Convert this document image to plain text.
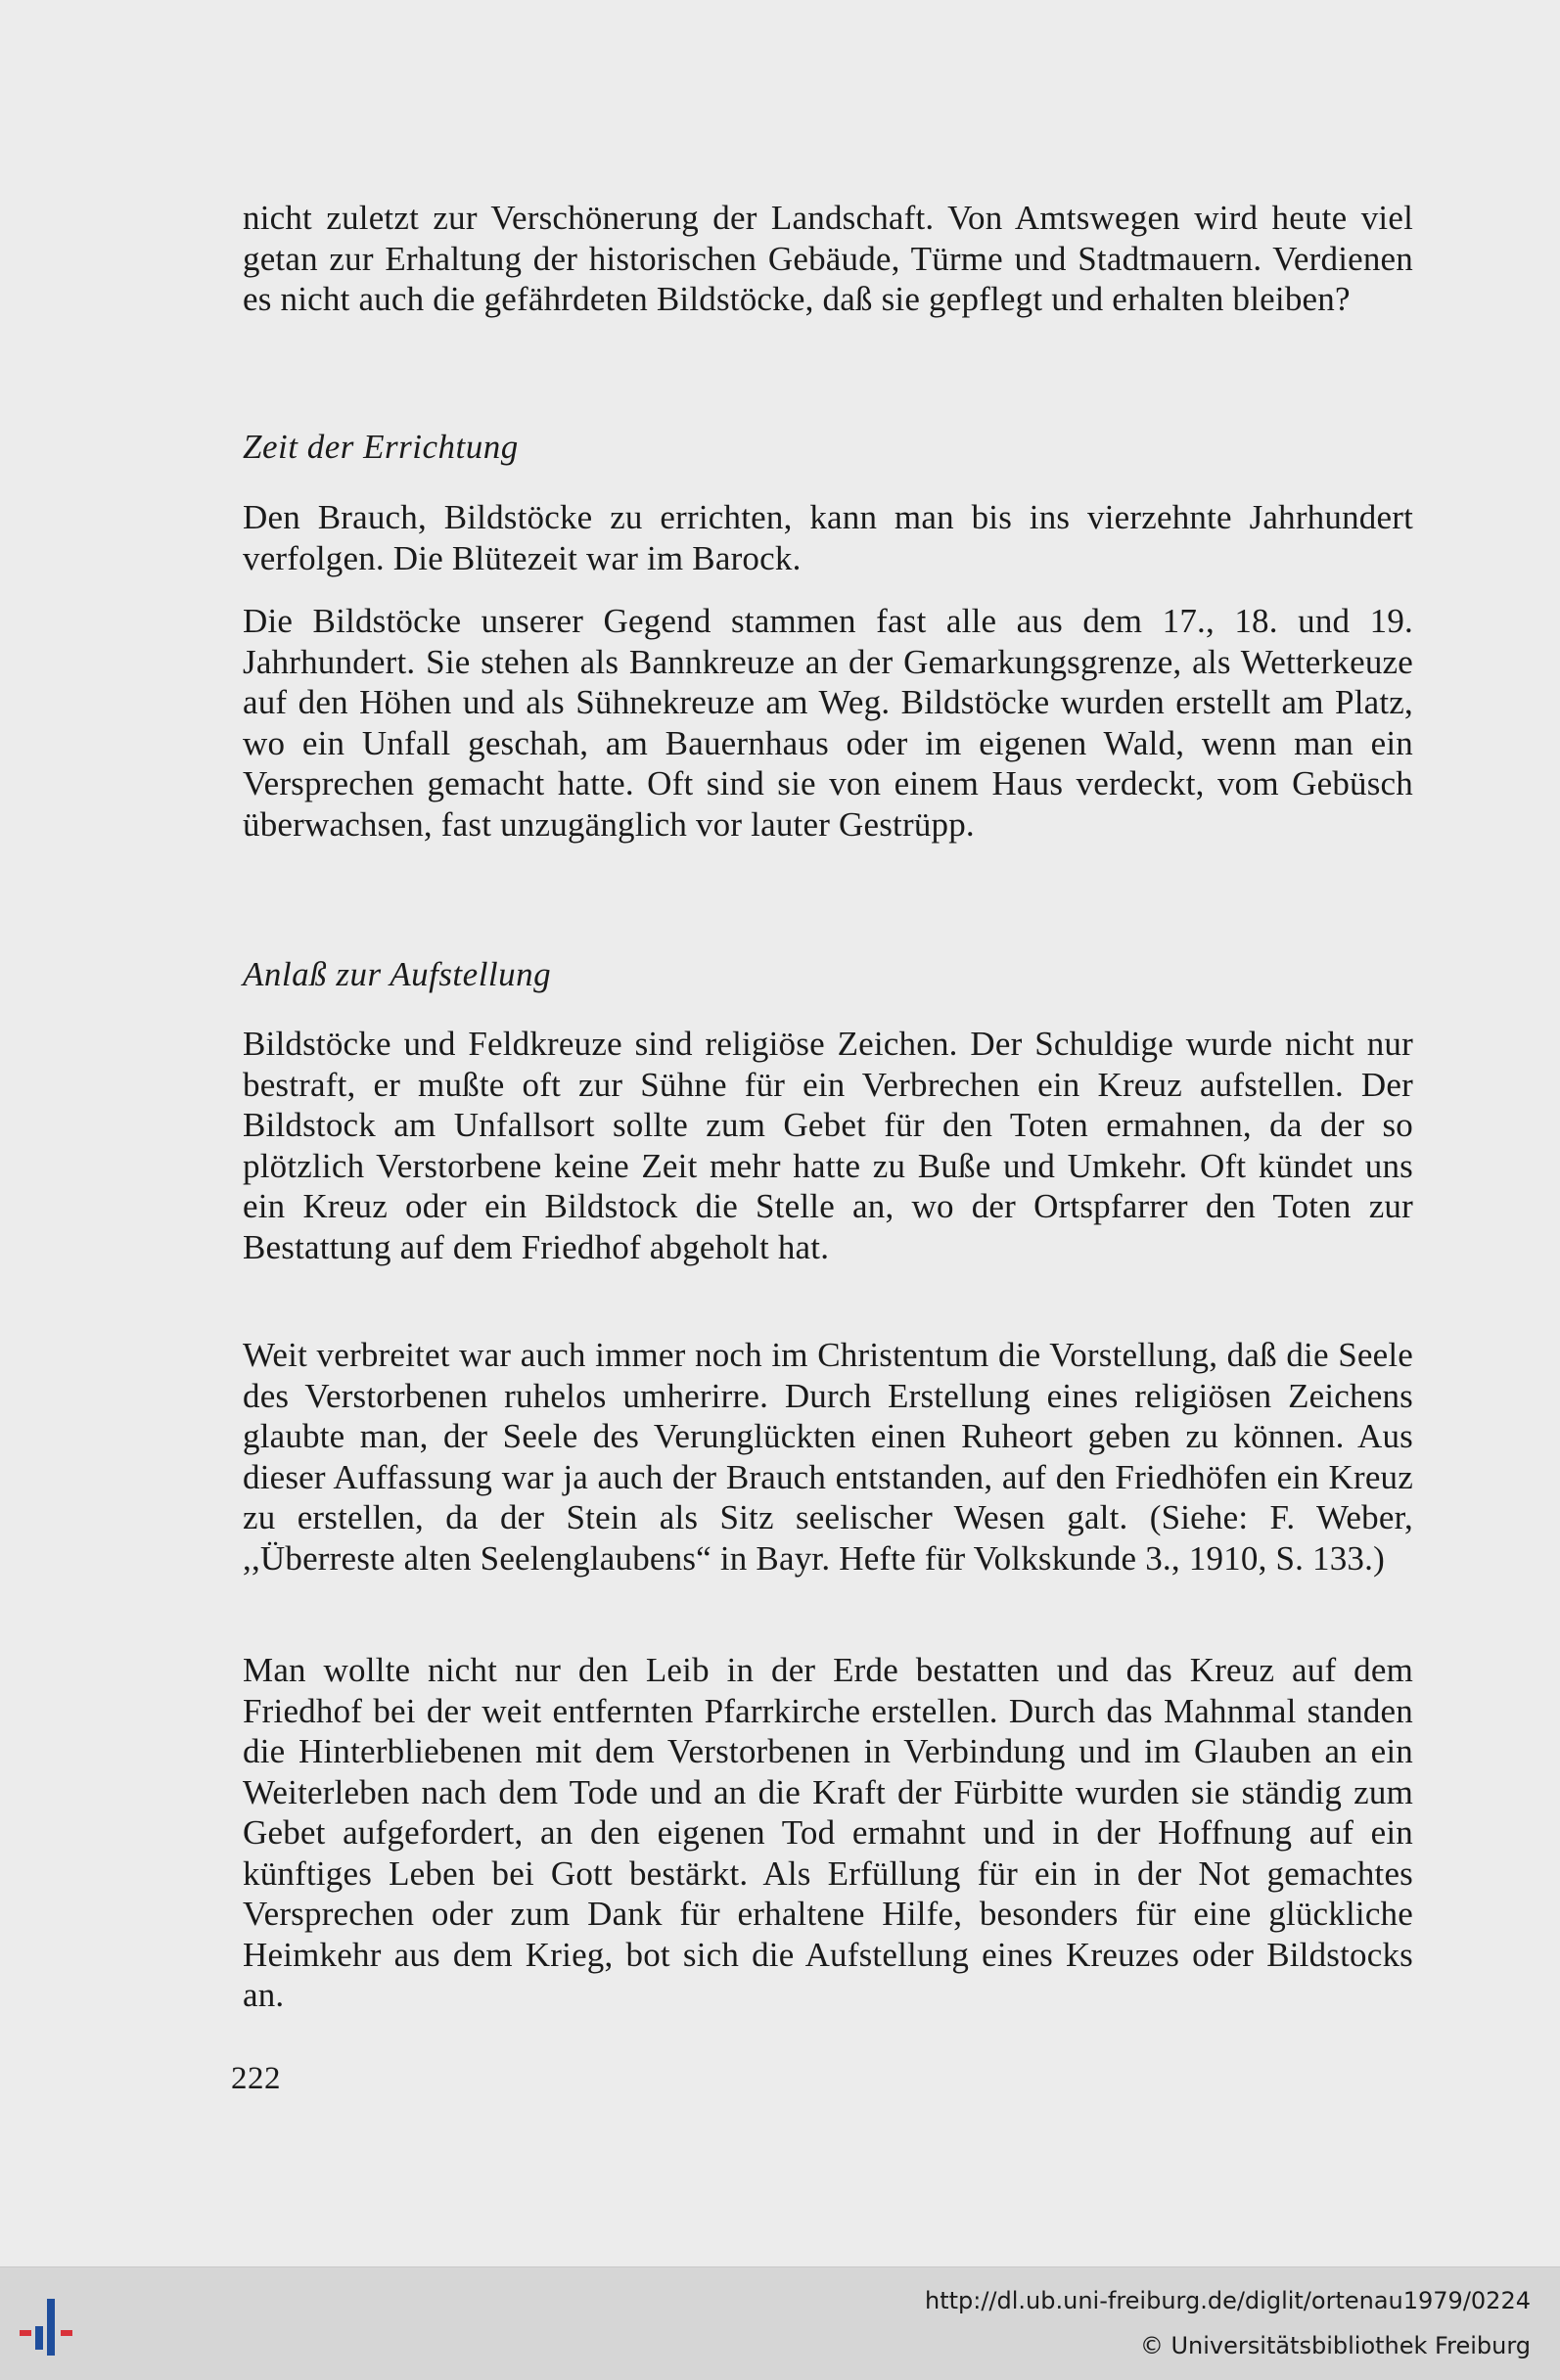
nicht zuletzt zur Verschönerung der Landschaft. Von Amtswegen wird heute viel getan zur Erhaltung der historischen Gebäude, Türme und Stadtmauern. Verdienen es nicht auch die gefährdeten Bildstöcke, daß sie gepflegt und erhalten bleiben?
Zeit der Errichtung
Den Brauch, Bildstöcke zu errichten, kann man bis ins vierzehnte Jahrhundert verfolgen. Die Blütezeit war im Barock.
Die Bildstöcke unserer Gegend stammen fast alle aus dem 17., 18. und 19. Jahrhundert. Sie stehen als Bannkreuze an der Gemarkungsgrenze, als Wetterkeuze auf den Höhen und als Sühnekreuze am Weg. Bildstöcke wurden erstellt am Platz, wo ein Unfall geschah, am Bauernhaus oder im eigenen Wald, wenn man ein Versprechen gemacht hatte. Oft sind sie von einem Haus verdeckt, vom Gebüsch überwachsen, fast unzugänglich vor lauter Gestrüpp.
Anlaß zur Aufstellung
Bildstöcke und Feldkreuze sind religiöse Zeichen. Der Schuldige wurde nicht nur bestraft, er mußte oft zur Sühne für ein Verbrechen ein Kreuz aufstellen. Der Bildstock am Unfallsort sollte zum Gebet für den Toten ermahnen, da der so plötzlich Verstorbene keine Zeit mehr hatte zu Buße und Umkehr. Oft kündet uns ein Kreuz oder ein Bildstock die Stelle an, wo der Ortspfarrer den Toten zur Bestattung auf dem Friedhof abgeholt hat.
Weit verbreitet war auch immer noch im Christentum die Vorstellung, daß die Seele des Verstorbenen ruhelos umherirre. Durch Erstellung eines religiösen Zeichens glaubte man, der Seele des Verunglückten einen Ruheort geben zu können. Aus dieser Auffassung war ja auch der Brauch entstanden, auf den Friedhöfen ein Kreuz zu erstellen, da der Stein als Sitz seelischer Wesen galt. (Siehe: F. Weber, ,,Überreste alten Seelenglaubens“ in Bayr. Hefte für Volkskunde 3., 1910, S. 133.)
Man wollte nicht nur den Leib in der Erde bestatten und das Kreuz auf dem Friedhof bei der weit entfernten Pfarrkirche erstellen. Durch das Mahnmal standen die Hinterbliebenen mit dem Verstorbenen in Verbindung und im Glauben an ein Weiterleben nach dem Tode und an die Kraft der Fürbitte wurden sie ständig zum Gebet aufgefordert, an den eigenen Tod ermahnt und in der Hoffnung auf ein künftiges Leben bei Gott bestärkt. Als Erfüllung für ein in der Not gemachtes Versprechen oder zum Dank für erhaltene Hilfe, besonders für eine glückliche Heimkehr aus dem Krieg, bot sich die Aufstellung eines Kreuzes oder Bildstocks an.
222
http://dl.ub.uni-freiburg.de/diglit/ortenau1979/0224
© Universitätsbibliothek Freiburg
